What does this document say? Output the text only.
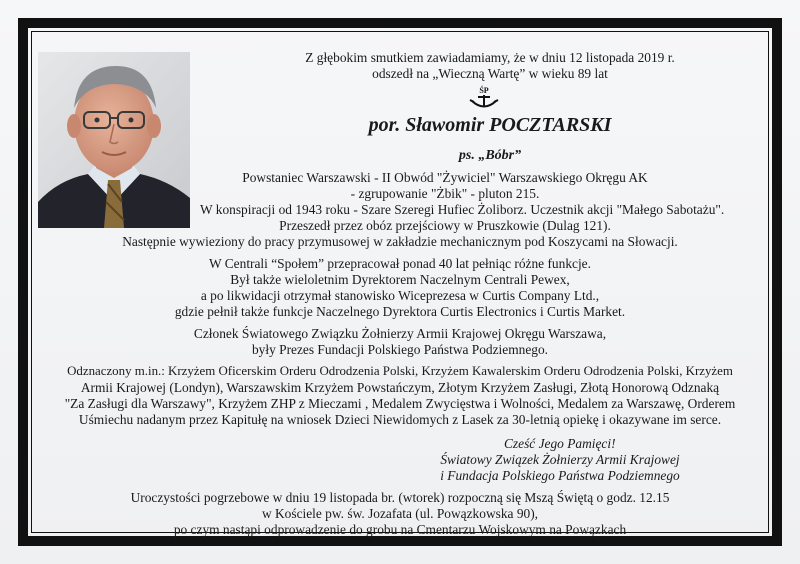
Z głębokim smutkiem zawiadamiamy, że w dniu 12 listopada 2019 r.
odszedł na „Wieczną Wartę” w wieku 89 lat
ŚP
por. Sławomir POCZTARSKI
ps. „Bóbr”
Powstaniec Warszawski - II Obwód "Żywiciel" Warszawskiego Okręgu AK
- zgrupowanie "Żbik" - pluton 215.
W konspiracji od 1943 roku - Szare Szeregi Hufiec Żoliborz. Uczestnik akcji "Małego Sabotażu".
Przeszedł przez obóz przejściowy w Pruszkowie (Dulag 121).
Następnie wywieziony do pracy przymusowej w zakładzie mechanicznym pod Koszycami na Słowacji.
W Centrali “Społem” przepracował ponad 40 lat pełniąc różne funkcje.
Był także wieloletnim Dyrektorem Naczelnym Centrali Pewex,
a po likwidacji otrzymał stanowisko Wiceprezesa w Curtis Company Ltd.,
gdzie pełnił także funkcje Naczelnego Dyrektora Curtis Electronics i Curtis Market.
Członek Światowego Związku Żołnierzy Armii Krajowej Okręgu Warszawa,
były Prezes Fundacji Polskiego Państwa Podziemnego.
Odznaczony m.in.: Krzyżem Oficerskim Orderu Odrodzenia Polski, Krzyżem Kawalerskim Orderu Odrodzenia Polski, Krzyżem
Armii Krajowej (Londyn), Warszawskim Krzyżem Powstańczym, Złotym Krzyżem Zasługi, Złotą Honorową Odznaką
"Za Zasługi dla Warszawy", Krzyżem ZHP z Mieczami , Medalem Zwycięstwa i Wolności, Medalem za Warszawę, Orderem
Uśmiechu nadanym przez Kapitułę na wniosek Dzieci Niewidomych z Lasek za 30-letnią opiekę i okazywane im serce.
Cześć Jego Pamięci!
Światowy Związek Żołnierzy Armii Krajowej
i Fundacja Polskiego Państwa Podziemnego
Uroczystości pogrzebowe w dniu 19 listopada br. (wtorek) rozpoczną się Mszą Świętą o godz. 12.15
w Kościele pw. św. Jozafata (ul. Powązkowska 90),
po czym nastąpi odprowadzenie do grobu na Cmentarzu Wojskowym na Powązkach
